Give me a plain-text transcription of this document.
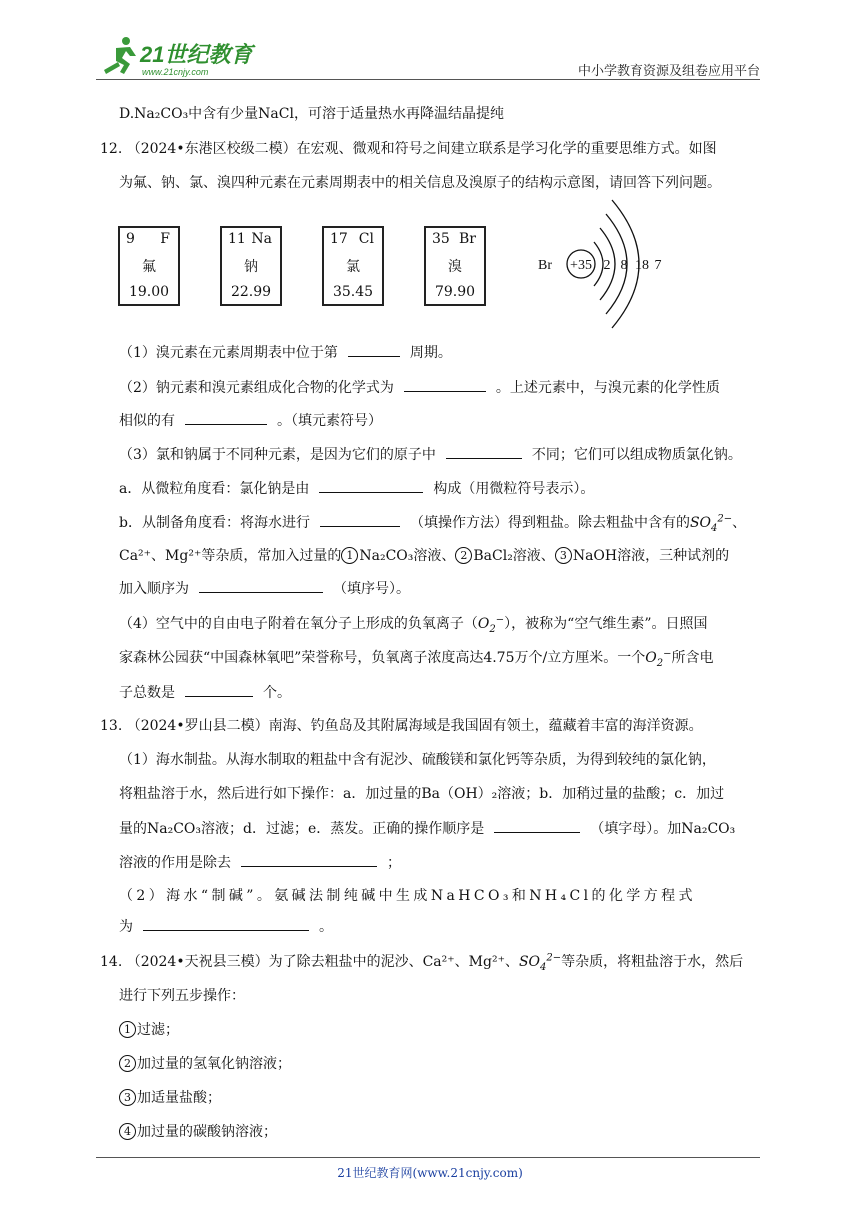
21世纪教育
www.21cnjy.com	中小学教育资源及组卷应用平台
D.Na₂CO₃中含有少量NaCl，可溶于适量热水再降温结晶提纯
12. （2024•东港区校级二模）在宏观、微观和符号之间建立联系是学习化学的重要思维方式。如图
为氟、钠、氯、溴四种元素在元素周期表中的相关信息及溴原子的结构示意图，请回答下列问题。
9 F
氟
19.00
11 Na
钠
22.99
17 Cl
氯
35.45
35 Br
溴
79.90
Br +35 2 8 18 7
（1）溴元素在元素周期表中位于第	周期。
（2）钠元素和溴元素组成化合物的化学式为	。上述元素中，与溴元素的化学性质
相似的有	。（填元素符号）
（3）氯和钠属于不同种元素，是因为它们的原子中	不同；它们可以组成物质氯化钠。
a．从微粒角度看：氯化钠是由	构成（用微粒符号表示）。
b．从制备角度看：将海水进行	（填操作方法）得到粗盐。除去粗盐中含有的$SO_4^{2-}$、
Ca²⁺、Mg²⁺等杂质，常加入过量的 1 Na₂CO₃溶液、 2 BaCl₂溶液、 3 NaOH溶液，三种试剂的
加入顺序为	（填序号）。
（4）空气中的自由电子附着在氧分子上形成的负氧离子$(O_2^-)$，被称为“空气维生素”。日照国
家森林公园获“中国森林氧吧”荣誉称号，负氧离子浓度高达4.75万个/立方厘米。一个$O_2^-$所含电
子总数是	个。
13. （2024•罗山县二模）南海、钓鱼岛及其附属海域是我国固有领土，蕴藏着丰富的海洋资源。
（1）海水制盐。从海水制取的粗盐中含有泥沙、硫酸镁和氯化钙等杂质，为得到较纯的氯化钠，
将粗盐溶于水，然后进行如下操作：a．加过量的Ba（OH）₂溶液；b．加稍过量的盐酸；c．加过
量的Na₂CO₃溶液；d．过滤；e．蒸发。正确的操作顺序是	（填字母）。加Na₂CO₃
溶液的作用是除去	；
（2）海水“制碱”。氨碱法制纯碱中生成NaHCO₃和NH₄Cl的化学方程式
为	。
14. （2024•天祝县三模）为了除去粗盐中的泥沙、Ca²⁺、Mg²⁺、$SO_4^{2-}$等杂质，将粗盐溶于水，然后
进行下列五步操作：
1 过滤；
2 加过量的氢氧化钠溶液；
3 加适量盐酸；
4 加过量的碳酸钠溶液；
21世纪教育网(www.21cnjy.com)
